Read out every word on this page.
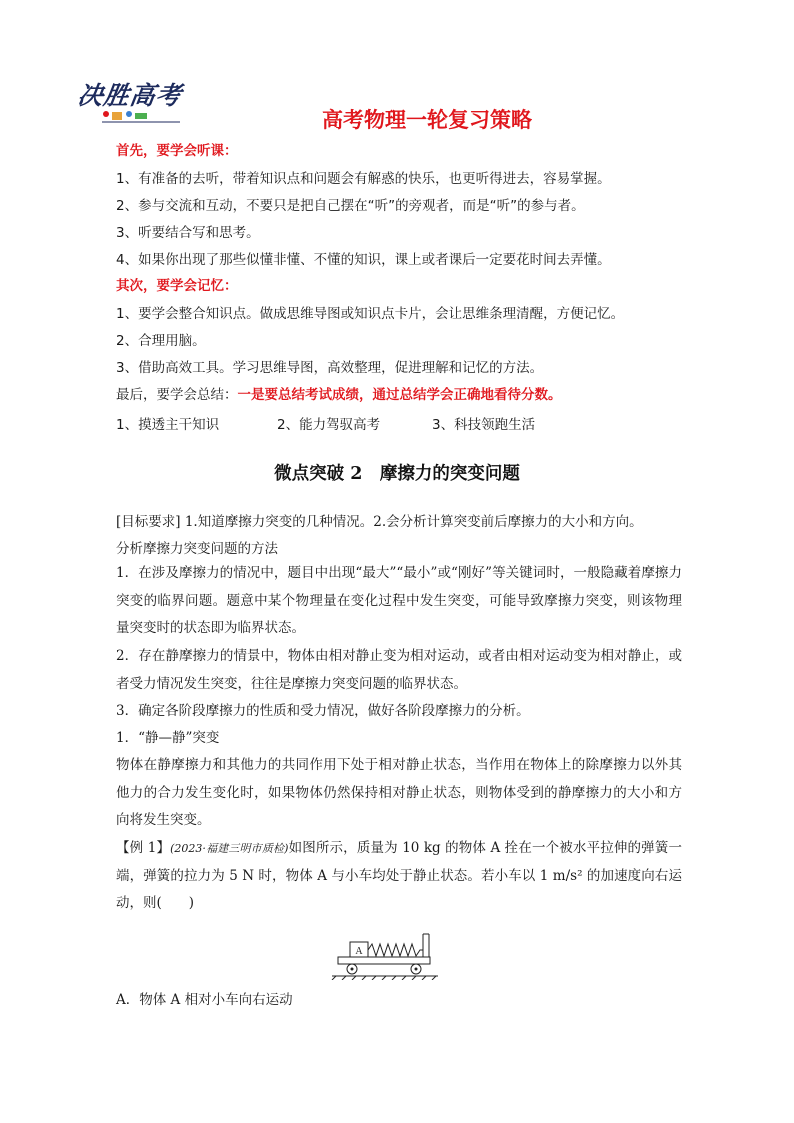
决胜高考
高考物理一轮复习策略
首先，要学会听课：
1、有准备的去听，带着知识点和问题会有解惑的快乐，也更听得进去，容易掌握。
2、参与交流和互动，不要只是把自己摆在“听”的旁观者，而是“听”的参与者。
3、听要结合写和思考。
4、如果你出现了那些似懂非懂、不懂的知识，课上或者课后一定要花时间去弄懂。
其次，要学会记忆：
1、要学会整合知识点。做成思维导图或知识点卡片，会让思维条理清醒，方便记忆。
2、合理用脑。
3、借助高效工具。学习思维导图，高效整理，促进理解和记忆的方法。
最后，要学会总结：一是要总结考试成绩，通过总结学会正确地看待分数。
1、摸透主干知识	2、能力驾驭高考	3、科技领跑生活
微点突破 2　摩擦力的突变问题
[目标要求] 1.知道摩擦力突变的几种情况。2.会分析计算突变前后摩擦力的大小和方向。
分析摩擦力突变问题的方法
1．在涉及摩擦力的情况中，题目中出现“最大”“最小”或“刚好”等关键词时，一般隐藏着摩擦力突变的临界问题。题意中某个物理量在变化过程中发生突变，可能导致摩擦力突变，则该物理量突变时的状态即为临界状态。
2．存在静摩擦力的情景中，物体由相对静止变为相对运动，或者由相对运动变为相对静止，或者受力情况发生突变，往往是摩擦力突变问题的临界状态。
3．确定各阶段摩擦力的性质和受力情况，做好各阶段摩擦力的分析。
1．“静—静”突变
物体在静摩擦力和其他力的共同作用下处于相对静止状态，当作用在物体上的除摩擦力以外其他力的合力发生变化时，如果物体仍然保持相对静止状态，则物体受到的静摩擦力的大小和方向将发生突变。
【例 1】(2023·福建三明市质检)如图所示，质量为 10 kg 的物体 A 拴在一个被水平拉伸的弹簧一端，弹簧的拉力为 5 N 时，物体 A 与小车均处于静止状态。若小车以 1 m/s² 的加速度向右运动，则(　　)
A
A．物体 A 相对小车向右运动
